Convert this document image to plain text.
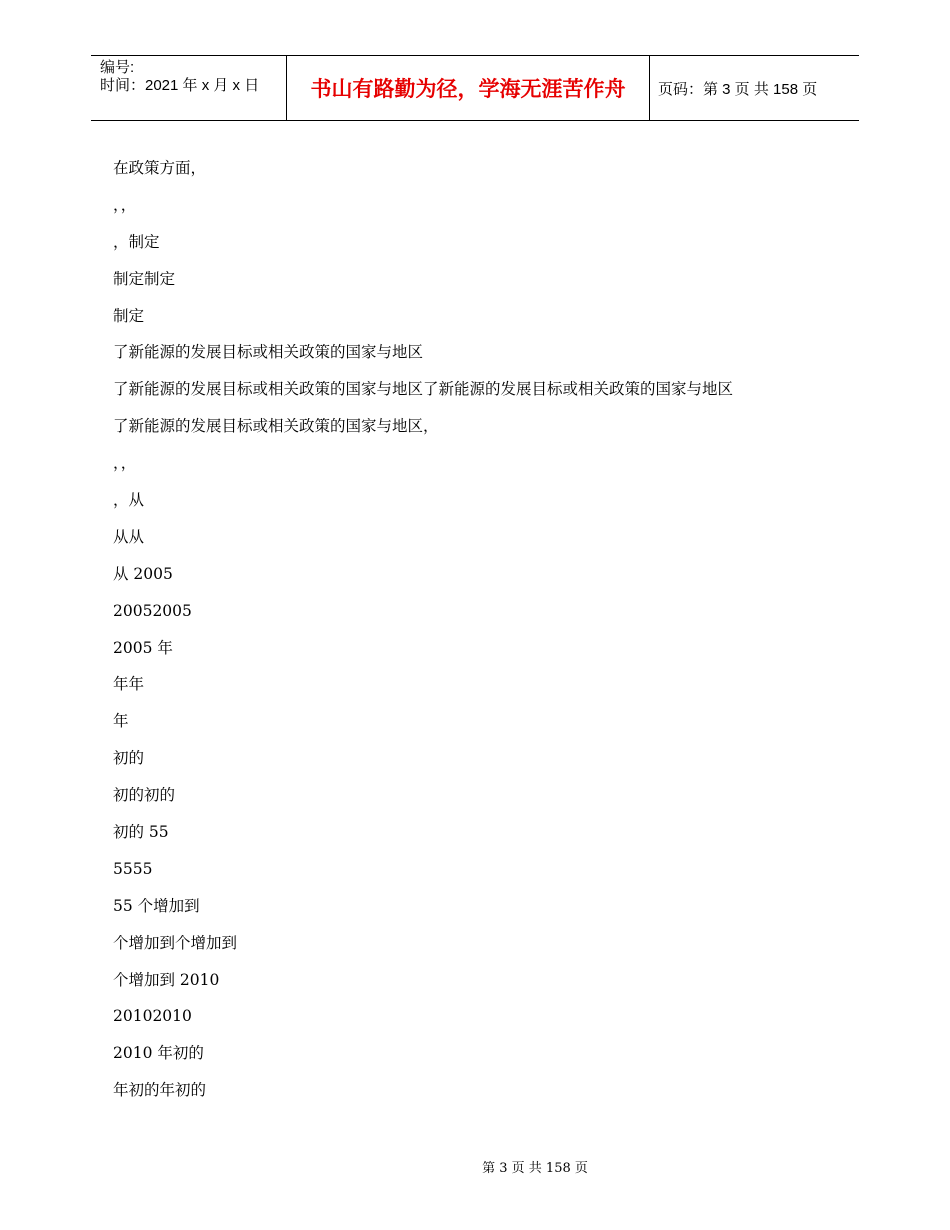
编号:
时间：2021 年 x 月 x 日	书山有路勤为径，学海无涯苦作舟	页码：第 3 页 共 158 页
在政策方面，
，，
，制定
制定制定
制定
了新能源的发展目标或相关政策的国家与地区
了新能源的发展目标或相关政策的国家与地区了新能源的发展目标或相关政策的国家与地区
了新能源的发展目标或相关政策的国家与地区，
，，
，从
从从
从 2005
20052005
2005 年
年年
年
初的
初的初的
初的 55
5555
55 个增加到
个增加到个增加到
个增加到 2010
20102010
2010 年初的
年初的年初的
第 3 页 共 158 页
